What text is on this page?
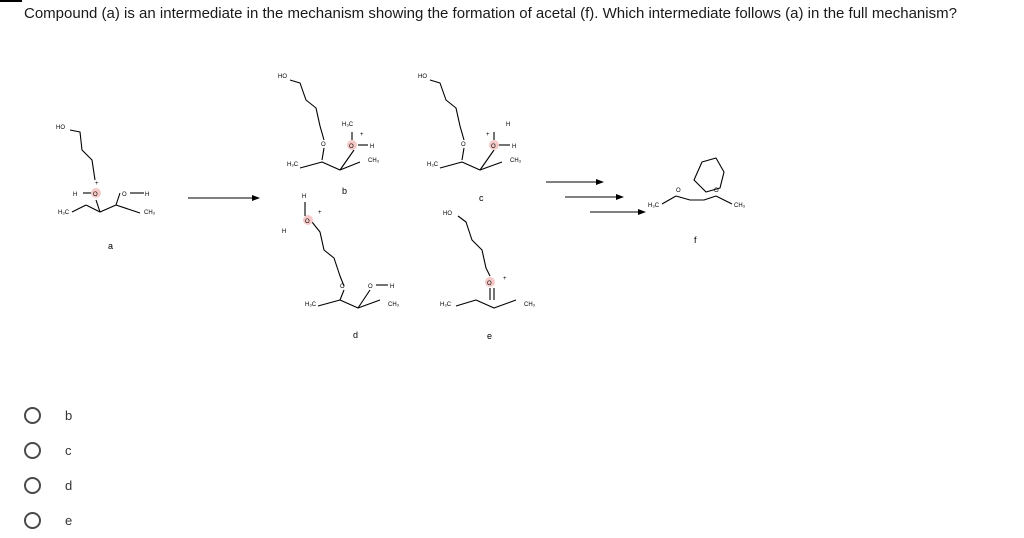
Compound (a) is an intermediate in the mechanism showing the formation of acetal (f). Which intermediate follows (a) in the full mechanism?
HO
H	O
+
O	H
H₃C	CH₃
HO
O
H₃C
+
O	H
H₃C
CH₃
HO
O
H
+
O	H
H₃C
CH₃
H
H
O
+
O	O	H
H₃C	CH₃
HO
O
+
H₃C	CH₃
O	O
H₃C	CH₃
a
b
c
d	e
f
b
c
d
e
